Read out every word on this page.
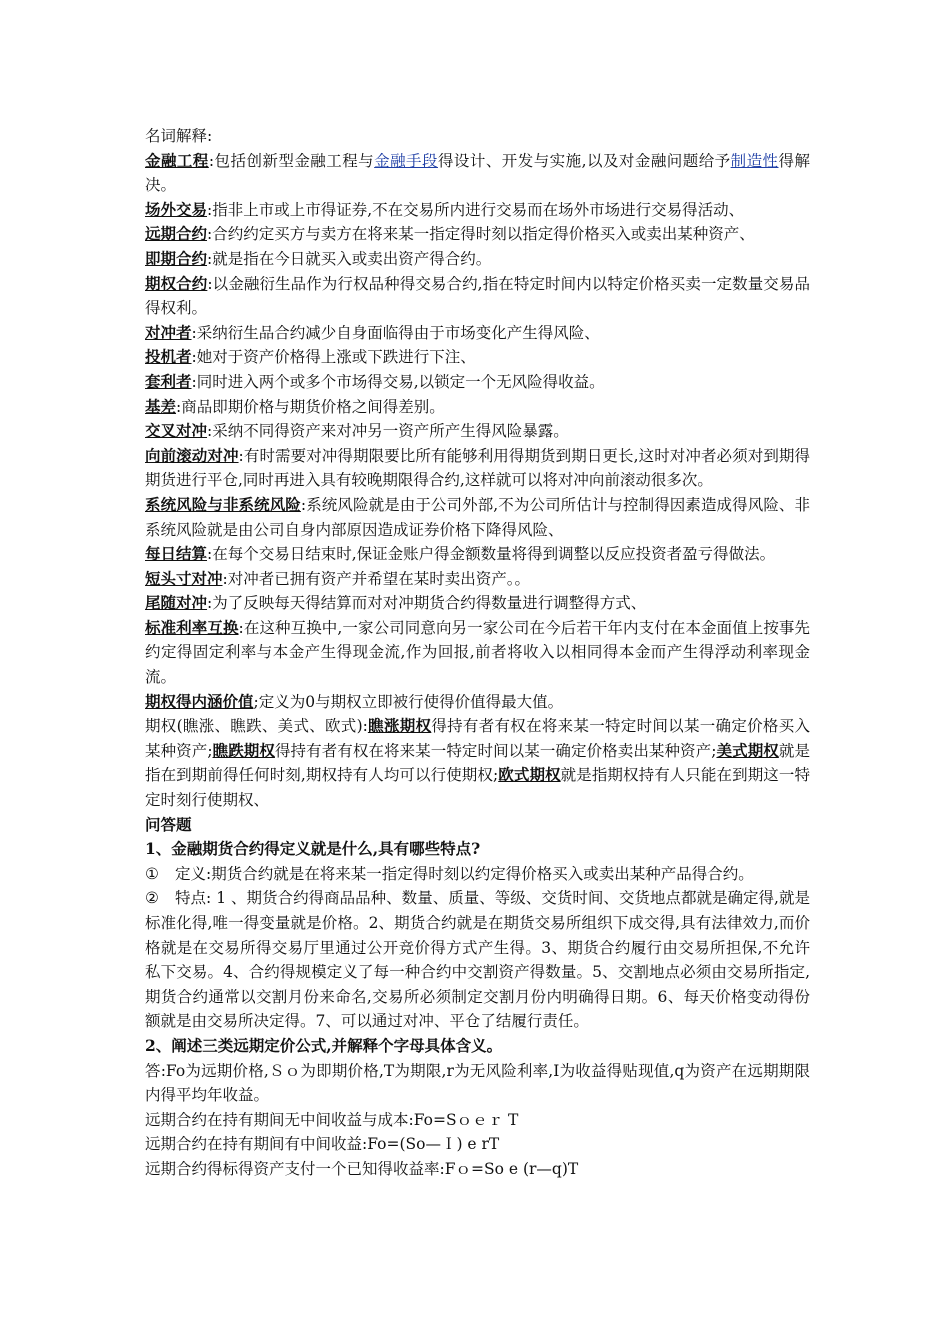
名词解释:

金融工程:包括创新型金融工程与金融手段得设计、开发与实施,以及对金融问题给予制造性得解决。

场外交易:指非上市或上市得证券,不在交易所内进行交易而在场外市场进行交易得活动、

远期合约:合约约定买方与卖方在将来某一指定得时刻以指定得价格买入或卖出某种资产、

即期合约:就是指在今日就买入或卖出资产得合约。

期权合约:以金融衍生品作为行权品种得交易合约,指在特定时间内以特定价格买卖一定数量交易品得权利。

对冲者:采纳衍生品合约减少自身面临得由于市场变化产生得风险、

投机者:她对于资产价格得上涨或下跌进行下注、

套利者:同时进入两个或多个市场得交易,以锁定一个无风险得收益。

基差:商品即期价格与期货价格之间得差别。

交叉对冲:采纳不同得资产来对冲另一资产所产生得风险暴露。

向前滚动对冲:有时需要对冲得期限要比所有能够利用得期货到期日更长,这时对冲者必须对到期得期货进行平仓,同时再进入具有较晚期限得合约,这样就可以将对冲向前滚动很多次。

系统风险与非系统风险:系统风险就是由于公司外部,不为公司所估计与控制得因素造成得风险、非系统风险就是由公司自身内部原因造成证券价格下降得风险、

每日结算:在每个交易日结束时,保证金账户得金额数量将得到调整以反应投资者盈亏得做法。

短头寸对冲:对冲者已拥有资产并希望在某时卖出资产。。

尾随对冲:为了反映每天得结算而对对冲期货合约得数量进行调整得方式、

标准利率互换:在这种互换中,一家公司同意向另一家公司在今后若干年内支付在本金面值上按事先约定得固定利率与本金产生得现金流,作为回报,前者将收入以相同得本金而产生得浮动利率现金流。

期权得内涵价值;定义为0与期权立即被行使得价值得最大值。

期权(瞧涨、瞧跌、美式、欧式):瞧涨期权得持有者有权在将来某一特定时间以某一确定价格买入某种资产;瞧跌期权得持有者有权在将来某一特定时间以某一确定价格卖出某种资产;美式期权就是指在到期前得任何时刻,期权持有人均可以行使期权;欧式期权就是指期权持有人只能在到期这一特定时刻行使期权、

问答题

1、金融期货合约得定义就是什么,具有哪些特点?

① 定义:期货合约就是在将来某一指定得时刻以约定得价格买入或卖出某种产品得合约。

② 特点: 1 、期货合约得商品品种、数量、质量、等级、交货时间、交货地点都就是确定得,就是标准化得,唯一得变量就是价格。2、期货合约就是在期货交易所组织下成交得,具有法律效力,而价格就是在交易所得交易厅里通过公开竞价得方式产生得。3、期货合约履行由交易所担保,不允许私下交易。4、合约得规模定义了每一种合约中交割资产得数量。5、交割地点必须由交易所指定,期货合约通常以交割月份来命名,交易所必须制定交割月份内明确得日期。6、每天价格变动得份额就是由交易所决定得。7、可以通过对冲、平仓了结履行责任。

2、阐述三类远期定价公式,并解释个字母具体含义。

答:Fo为远期价格,Ｓｏ为即期价格,T为期限,r为无风险利率,I为收益得贴现值,q为资产在远期期限内得平均年收益。

远期合约在持有期间无中间收益与成本:Fo=Sｏｅｒ T

远期合约在持有期间有中间收益:Fo=(So—Ｉ) e rT

远期合约得标得资产支付一个已知得收益率:Fｏ=So e (r—q)T
